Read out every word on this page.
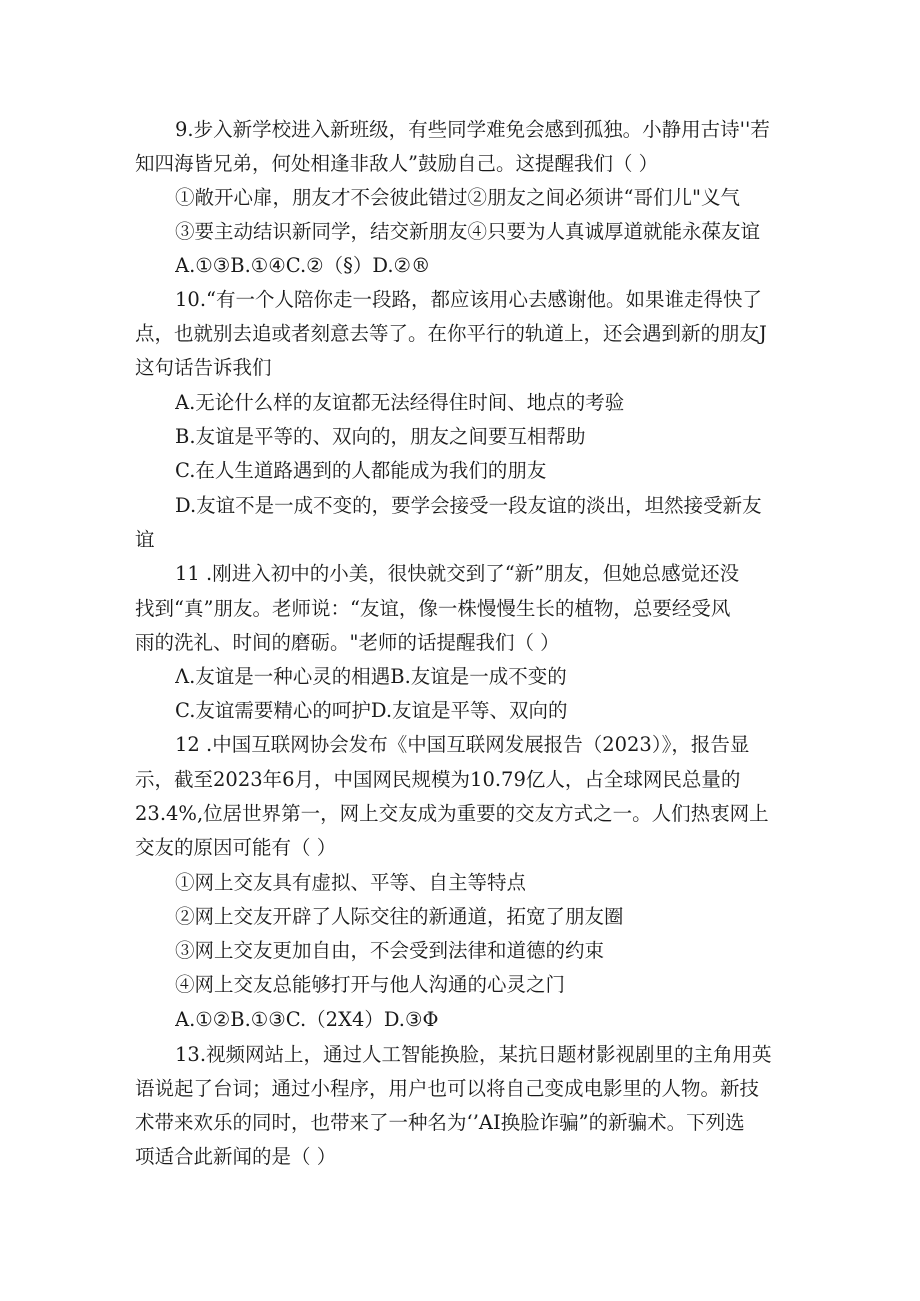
9.步入新学校进入新班级，有些同学难免会感到孤独。小静用古诗''若
知四海皆兄弟，何处相逢非敌人”鼓励自己。这提醒我们（ ）
①敞开心扉，朋友才不会彼此错过②朋友之间必须讲“哥们儿"义气
③要主动结识新同学，结交新朋友④只要为人真诚厚道就能永葆友谊
A.①③B.①④C.②（§）D.②®
10.“有一个人陪你走一段路，都应该用心去感谢他。如果谁走得快了
点，也就别去追或者刻意去等了。在你平行的轨道上，还会遇到新的朋友J
这句话告诉我们
A.无论什么样的友谊都无法经得住时间、地点的考验
B.友谊是平等的、双向的，朋友之间要互相帮助
C.在人生道路遇到的人都能成为我们的朋友
D.友谊不是一成不变的，要学会接受一段友谊的淡出，坦然接受新友
谊
11 .刚进入初中的小美，很快就交到了“新”朋友，但她总感觉还没
找到“真”朋友。老师说：“友谊，像一株慢慢生长的植物，总要经受风
雨的洗礼、时间的磨砺。"老师的话提醒我们（ ）
Λ.友谊是一种心灵的相遇B.友谊是一成不变的
C.友谊需要精心的呵护D.友谊是平等、双向的
12 .中国互联网协会发布《中国互联网发展报告（2023）》，报告显
示，截至2023年6月，中国网民规模为10.79亿人，占全球网民总量的
23.4%,位居世界第一，网上交友成为重要的交友方式之一。人们热衷网上
交友的原因可能有（ ）
①网上交友具有虚拟、平等、自主等特点
②网上交友开辟了人际交往的新通道，拓宽了朋友圈
③网上交友更加自由，不会受到法律和道德的约束
④网上交友总能够打开与他人沟通的心灵之门
A.①②B.①③C.（2X4）D.③Φ
13.视频网站上，通过人工智能换脸，某抗日题材影视剧里的主角用英
语说起了台词；通过小程序，用户也可以将自己变成电影里的人物。新技
术带来欢乐的同时，也带来了一种名为‘’AI换脸诈骗”的新骗术。下列选
项适合此新闻的是（ ）
